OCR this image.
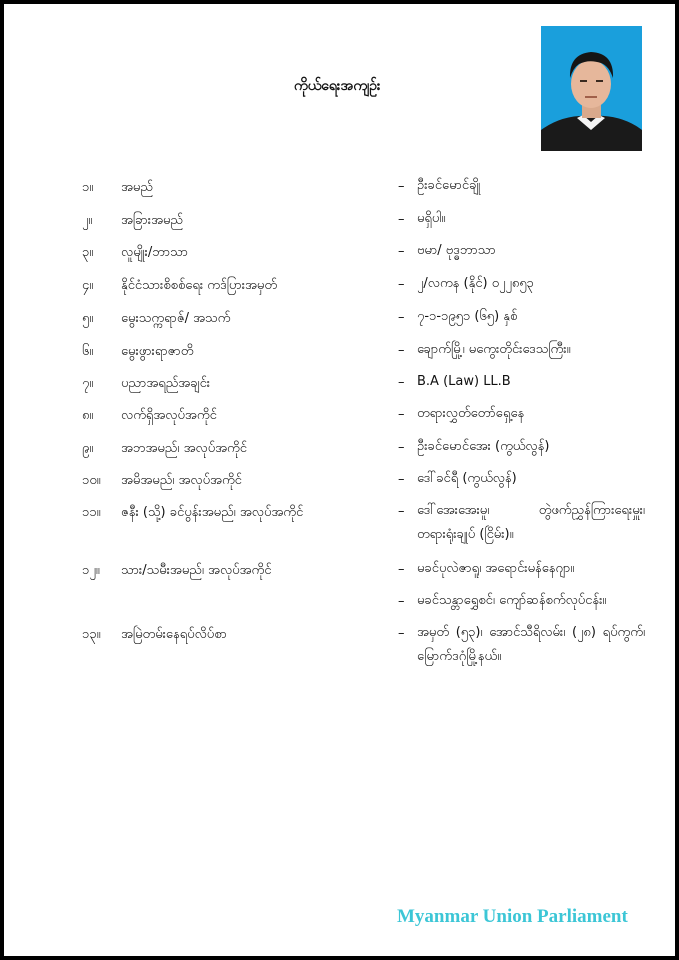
ကိုယ်ရေးအကျဉ်း
၁။ အမည်	– ဦးခင်မောင်ချို
၂။ အခြားအမည်	– မရှိပါ။
၃။ လူမျိုး/ဘာသာ	– ဗမာ/ ဗုဒ္ဓဘာသာ
၄။ နိုင်ငံသားစိစစ်ရေး ကဒ်ပြားအမှတ်	– ၂/လကန (နိုင်) ၀၂၂၈၅၃
၅။ မွေးသက္ကရာဇ်/ အသက်	– ၇-၁-၁၉၅၁ (၆၅) နှစ်
၆။ မွေးဖွားရာဇာတိ	– ချောက်မြို့၊ မကွေးတိုင်းဒေသကြီး။
၇။ ပညာအရည်အချင်း	– B.A (Law) LL.B
၈။ လက်ရှိအလုပ်အကိုင်	– တရားလွှတ်တော်ရှေ့နေ
၉။ အဘအမည်၊ အလုပ်အကိုင်	– ဦးခင်မောင်အေး (ကွယ်လွန်)
၁၀။ အမိအမည်၊ အလုပ်အကိုင်	– ဒေါ်ခင်ရီ (ကွယ်လွန်)
၁၁။ ဇနီး (သို့) ခင်ပွန်းအမည်၊ အလုပ်အကိုင်	– ဒေါ်အေးအေးမူ၊ တွဲဖက်ညွှန်ကြားရေးမှူး၊ တရားရုံးချုပ် (ငြိမ်း)။
၁၂။ သား/သမီးအမည်၊ အလုပ်အကိုင်	– မခင်ပုလဲဇာရူ၊ အရောင်းမန်နေဂျာ။
– မခင်သန္တာရွှေစင်၊ ကျော်ဆန်စက်လုပ်ငန်း။
၁၃။ အမြဲတမ်းနေရပ်လိပ်စာ	– အမှတ် (၅၃)၊ အောင်သီရိလမ်း၊ (၂၈) ရပ်ကွက်၊ မြောက်ဒဂုံမြို့နယ်။
Myanmar Union Parliament
